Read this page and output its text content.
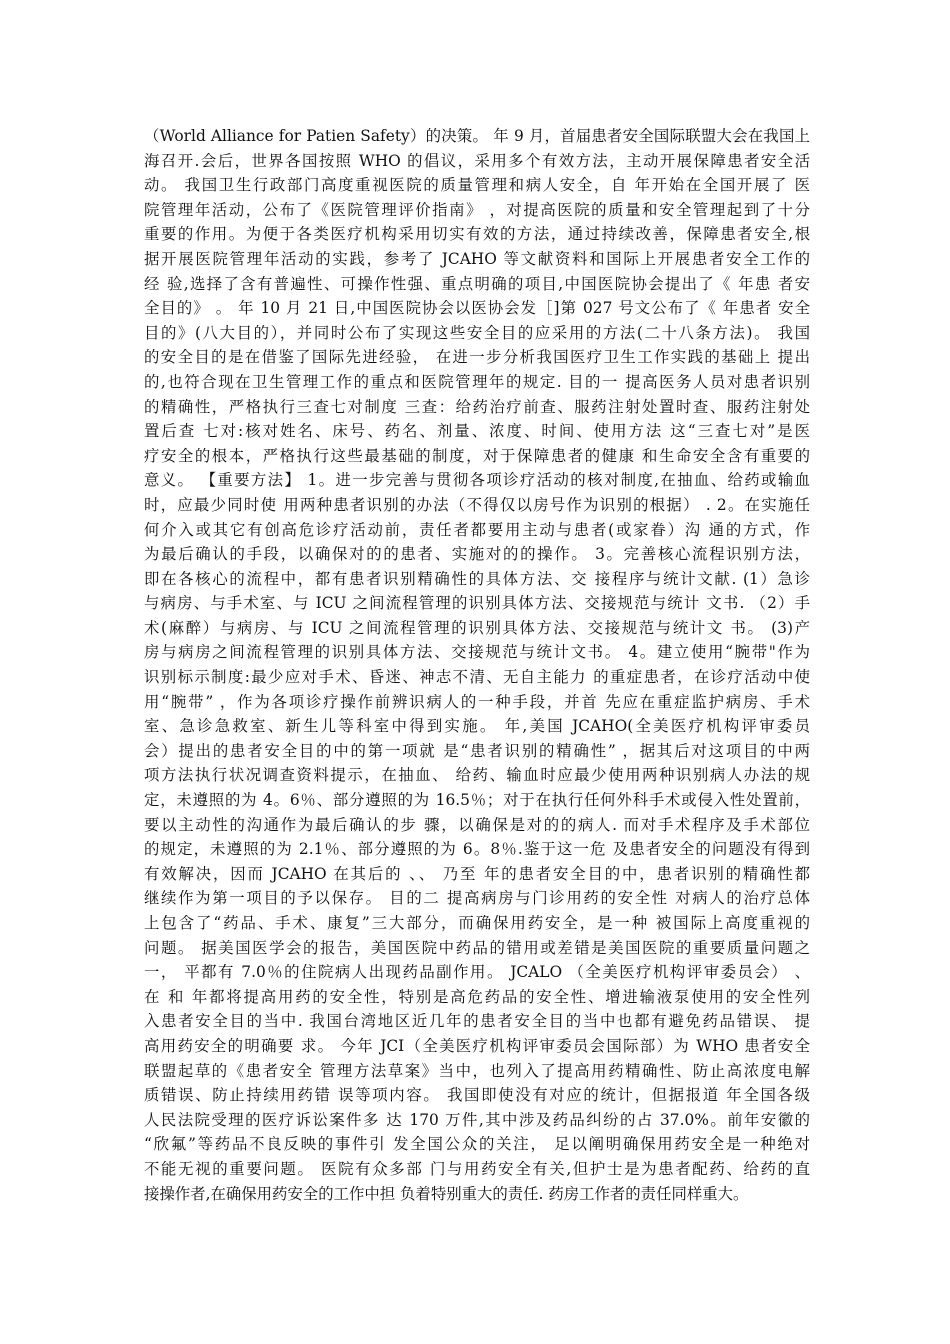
（World Alliance for Patien Safety）的决策。 年 9 月，首届患者安全国际联盟大会在我国上
海召开.会后，世界各国按照 WHO 的倡议，采用多个有效方法，主动开展保障患者安全活
动。 我国卫生行政部门高度重视医院的质量管理和病人安全，自 年开始在全国开展了 医
院管理年活动，公布了《医院管理评价指南》 ，对提高医院的质量和安全管理起到了十分
重要的作用。为便于各类医疗机构采用切实有效的方法，通过持续改善，保障患者安全,根
据开展医院管理年活动的实践，参考了 JCAHO 等文献资料和国际上开展患者安全工作的
经 验,选择了含有普遍性、可操作性强、重点明确的项目,中国医院协会提出了《 年患 者安
全目的》 。 年 10 月 21 日,中国医院协会以医协会发［]第 027 号文公布了《 年患者 安全
目的》(八大目的），并同时公布了实现这些安全目的应采用的方法(二十八条方法)。 我国
的安全目的是在借鉴了国际先进经验， 在进一步分析我国医疗卫生工作实践的基础上 提出
的,也符合现在卫生管理工作的重点和医院管理年的规定. 目的一 提高医务人员对患者识别
的精确性，严格执行三查七对制度 三查：给药治疗前查、服药注射处置时查、服药注射处
置后查 七对:核对姓名、床号、药名、剂量、浓度、时间、使用方法 这“三查七对”是医
疗安全的根本，严格执行这些最基础的制度，对于保障患者的健康 和生命安全含有重要的
意义。 【重要方法】 1。进一步完善与贯彻各项诊疗活动的核对制度,在抽血、给药或输血
时，应最少同时使 用两种患者识别的办法（不得仅以房号作为识别的根据） . 2。在实施任
何介入或其它有创高危诊疗活动前，责任者都要用主动与患者(或家眷）沟 通的方式，作
为最后确认的手段，以确保对的的患者、实施对的的操作。 3。完善核心流程识别方法，
即在各核心的流程中，都有患者识别精确性的具体方法、交 接程序与统计文献. (1）急诊
与病房、与手术室、与 ICU 之间流程管理的识别具体方法、交接规范与统计 文书. （2）手
术(麻醉）与病房、与 ICU 之间流程管理的识别具体方法、交接规范与统计文 书。 (3)产
房与病房之间流程管理的识别具体方法、交接规范与统计文书。 4。建立使用“腕带"作为
识别标示制度:最少应对手术、昏迷、神志不清、无自主能力 的重症患者，在诊疗活动中使
用“腕带” ，作为各项诊疗操作前辨识病人的一种手段，并首 先应在重症监护病房、手术
室、急诊急救室、新生儿等科室中得到实施。 年,美国 JCAHO(全美医疗机构评审委员
会）提出的患者安全目的中的第一项就 是“患者识别的精确性” ，据其后对这项目的中两
项方法执行状况调查资料提示，在抽血、 给药、输血时应最少使用两种识别病人办法的规
定，未遵照的为 4。6％、部分遵照的为 16.5％；对于在执行任何外科手术或侵入性处置前，
要以主动性的沟通作为最后确认的步 骤，以确保是对的的病人. 而对手术程序及手术部位
的规定，未遵照的为 2.1％、部分遵照的为 6。8％.鉴于这一危 及患者安全的问题没有得到
有效解决，因而 JCAHO 在其后的 、、 乃至 年的患者安全目的中，患者识别的精确性都
继续作为第一项目的予以保存。 目的二 提高病房与门诊用药的安全性 对病人的治疗总体
上包含了“药品、手术、康复”三大部分，而确保用药安全，是一种 被国际上高度重视的
问题。 据美国医学会的报告，美国医院中药品的错用或差错是美国医院的重要质量问题之
一， 平都有 7.0％的住院病人出现药品副作用。 JCALO （全美医疗机构评审委员会） 、
在 和 年都将提高用药的安全性，特别是高危药品的安全性、增进输液泵使用的安全性列
入患者安全目的当中. 我国台湾地区近几年的患者安全目的当中也都有避免药品错误、 提
高用药安全的明确要 求。 今年 JCI（全美医疗机构评审委员会国际部）为 WHO 患者安全
联盟起草的《患者安全 管理方法草案》当中，也列入了提高用药精确性、防止高浓度电解
质错误、防止持续用药错 误等项内容。 我国即使没有对应的统计，但据报道 年全国各级
人民法院受理的医疗诉讼案件多 达 170 万件,其中涉及药品纠纷的占 37.0%。前年安徽的
“欣氟”等药品不良反映的事件引 发全国公众的关注， 足以阐明确保用药安全是一种绝对
不能无视的重要问题。 医院有众多部 门与用药安全有关,但护士是为患者配药、给药的直
接操作者,在确保用药安全的工作中担 负着特别重大的责任. 药房工作者的责任同样重大。
